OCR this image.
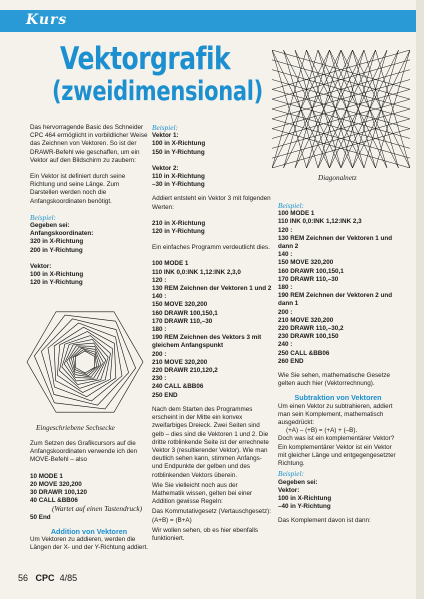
Kurs
Vektorgrafik
(zweidimensional)
Diagonalnetz
Eingeschriebene Sechsecke

Das hervorragende Basic des Schneider CPC 464 ermöglicht in vorbildlicher Weise das Zeichnen von Vektoren. So ist der DRAWR-Befehl wie geschaffen, um ein Vektor auf den Bildschirm zu zaubern:

Ein Vektor ist definiert durch seine Richtung und seine Länge. Zum Darstellen werden noch die Anfangskoordinaten benötigt.

Beispiel:
Gegeben sei:
Anfangskoordinaten:
320 in X-Richtung
200 in Y-Richtung
Vektor:
100 in X-Richtung
120 in Y-Richtung

Zum Setzen des Grafikcursors auf die Anfangskoordinaten verwende ich den MOVE-Befehl – also

10 MODE 1
20 MOVE 320,200
30 DRAWR 100,120
40 CALL &BB06
(Wartet auf einen Tastendruck)
50 End
Addition von Vektoren

Um Vektoren zu addieren, werden die Längen der X- und der Y-Richtung addiert.

Beispiel:
Vektor 1:
100 in X-Richtung
150 in Y-Richtung
Vektor 2:
110 in X-Richtung
–30 in Y-Richtung

Addiert entsteht ein Vektor 3 mit folgenden Werten:

210 in X-Richtung
120 in Y-Richtung

Ein einfaches Programm verdeutlicht dies.

100 MODE 1
110 INK 0,0:INK 1,12:INK 2,3,0
120 :
130 REM Zeichnen der Vektoren 1 und 2
140 :
150 MOVE 320,200
160 DRAWR 100,150,1
170 DRAWR 110,–30
180 :
190 REM Zeichnen des Vektors 3 mit gleichem Anfangspunkt
200 :
210 MOVE 320,200
220 DRAWR 210,120,2
230 :
240 CALL &BB06
250 END

Nach dem Starten des Programmes erscheint in der Mitte ein konvex zweifarbiges Dreieck. Zwei Seiten sind gelb – dies sind die Vektoren 1 und 2. Die dritte rotblinkende Seite ist der errechnete Vektor 3 (resultierender Vektor). Wie man deutlich sehen kann, stimmen Anfangs- und Endpunkte der gelben und des rotblinkenden Vektors überein.

Wie Sie vielleicht noch aus der Mathematik wissen, gelten bei einer Addition gewisse Regeln:

Das Kommutativgesetz (Vertauschgesetz): (A+B) = (B+A)

Wir wollen sehen, ob es hier ebenfalls funktioniert.

Beispiel:
100 MODE 1
110 INK 0,0:INK 1,12:INK 2,3
120 :
130 REM Zeichnen der Vektoren 1 und dann 2
140 :
150 MOVE 320,200
160 DRAWR 100,150,1
170 DRAWR 110,–30
180 :
190 REM Zeichnen der Vektoren 2 und dann 1
200 :
210 MOVE 320,200
220 DRAWR 110,–30,2
230 DRAWR 100,150
240 :
250 CALL &BB06
260 END

Wie Sie sehen, mathematische Gesetze gelten auch hier (Vektorrechnung).

Subtraktion von Vektoren

Um einen Vektor zu subtrahieren, addiert man sein Komplement, mathematisch ausgedrückt:

(+A) – (+B) = (+A) + (–B).

Doch was ist ein komplementärer Vektor? Ein komplementärer Vektor ist ein Vektor mit gleicher Länge und entgegengesetzter Richtung.

Beispiel:
Gegeben sei:
Vektor:
100 in X-Richtung
–40 in Y-Richtung

Das Komplement davon ist dann:

56 CPC 4/85
